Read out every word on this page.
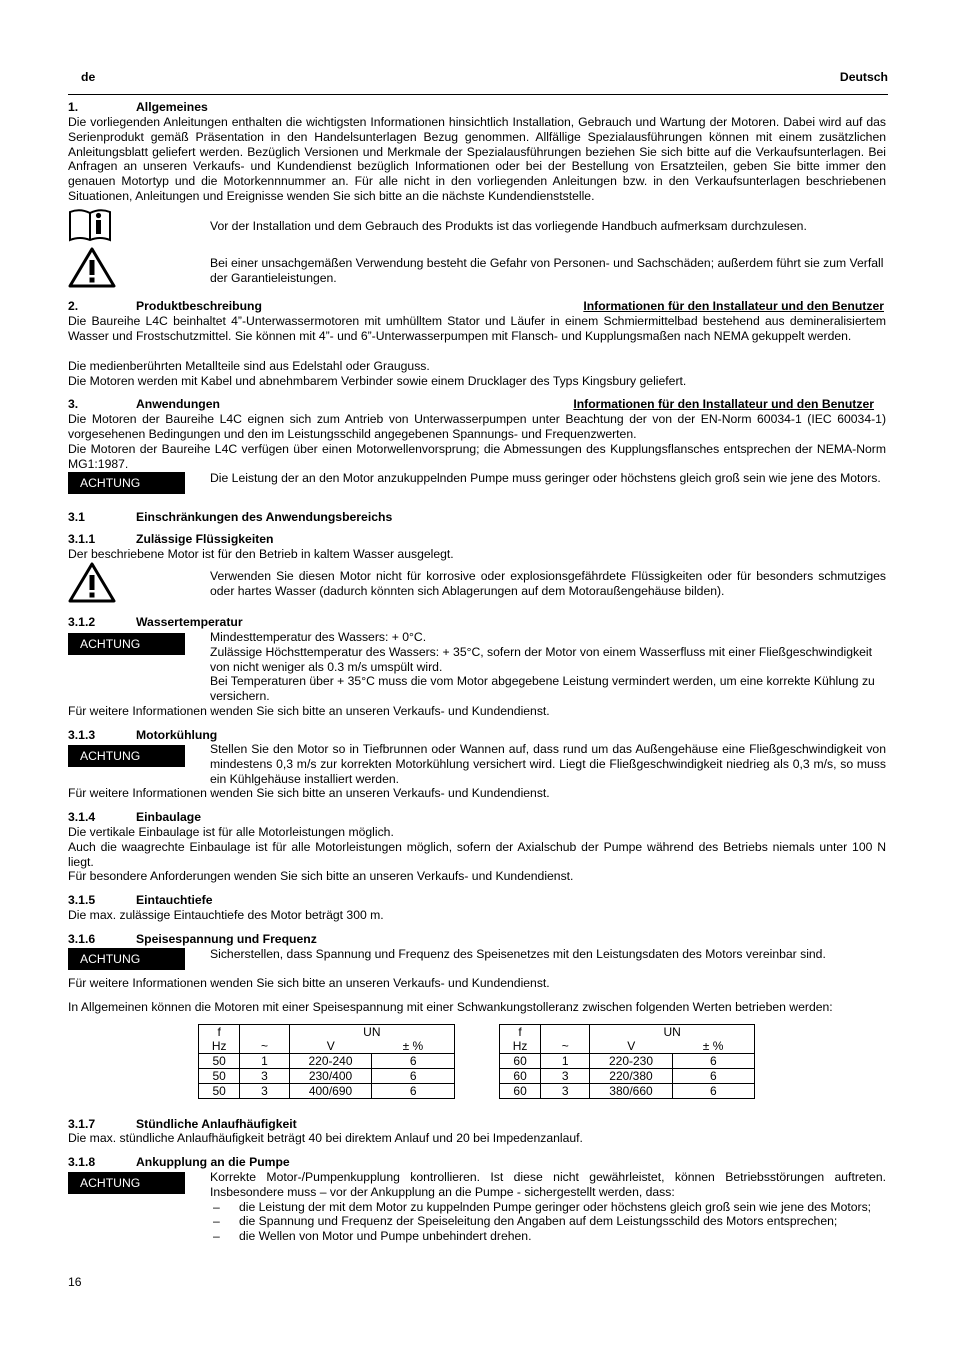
de	Deutsch
1.	Allgemeines
Die vorliegenden Anleitungen enthalten die wichtigsten Informationen hinsichtlich Installation, Gebrauch und Wartung der Motoren. Dabei wird auf das Serienprodukt gemäß Präsentation in den Handelsunterlagen Bezug genommen. Allfällige Spezialausführungen können mit einem zusätzlichen Anleitungsblatt geliefert werden. Bezüglich Versionen und Merkmale der Spezialausführungen beziehen Sie sich bitte auf die Verkaufsunterlagen. Bei Anfragen an unseren Verkaufs- und Kundendienst bezüglich Informationen oder bei der Bestellung von Ersatzteilen, geben Sie bitte immer den genauen Motortyp und die Motorkennnummer an. Für alle nicht in den vorliegenden Anleitungen bzw. in den Verkaufsunterlagen beschriebenen Situationen, Anleitungen und Ereignisse wenden Sie sich bitte an die nächste Kundendienststelle.
Vor der Installation und dem Gebrauch des Produkts ist das vorliegende Handbuch aufmerksam durchzulesen.
Bei einer unsachgemäßen Verwendung besteht die Gefahr von Personen- und Sachschäden; außerdem führt sie zum Verfall der Garantieleistungen.
2.	Produktbeschreibung	Informationen für den Installateur und den Benutzer
Die Baureihe L4C beinhaltet 4”-Unterwassermotoren mit umhülltem Stator und Läufer in einem Schmiermittelbad bestehend aus demineralisiertem Wasser und Frostschutzmittel. Sie können mit 4”- und 6”-Unterwasserpumpen mit Flansch- und Kupplungsmaßen nach NEMA gekuppelt werden.
Die medienberührten Metallteile sind aus Edelstahl oder Grauguss.
Die Motoren werden mit Kabel und abnehmbarem Verbinder sowie einem Drucklager des Typs Kingsbury geliefert.
3.	Anwendungen	Informationen für den Installateur und den Benutzer
Die Motoren der Baureihe L4C eignen sich zum Antrieb von Unterwasserpumpen unter Beachtung der von der EN-Norm 60034-1 (IEC 60034-1) vorgesehenen Bedingungen und den im Leistungsschild angegebenen Spannungs- und Frequenzwerten.
Die Motoren der Baureihe L4C verfügen über einen Motorwellenvorsprung; die Abmessungen des Kupplungsflansches entsprechen der NEMA-Norm MG1:1987.
ACHTUNG	Die Leistung der an den Motor anzukuppelnden Pumpe muss geringer oder höchstens gleich groß sein wie jene des Motors.
3.1	Einschränkungen des Anwendungsbereichs
3.1.1	Zulässige Flüssigkeiten
Der beschriebene Motor ist für den Betrieb in kaltem Wasser ausgelegt.
Verwenden Sie diesen Motor nicht für korrosive oder explosionsgefährdete Flüssigkeiten oder für besonders schmutziges oder hartes Wasser (dadurch könnten sich Ablagerungen auf dem Motoraußengehäuse bilden).
3.1.2	Wassertemperatur
ACHTUNG	Mindesttemperatur des Wassers: + 0°C.
Zulässige Höchsttemperatur des Wassers: + 35°C, sofern der Motor von einem Wasserfluss mit einer Fließgeschwindigkeit von nicht weniger als 0.3 m/s umspült wird.
Bei Temperaturen über + 35°C muss die vom Motor abgegebene Leistung vermindert werden, um eine korrekte Kühlung zu versichern.
Für weitere Informationen wenden Sie sich bitte an unseren Verkaufs- und Kundendienst.
3.1.3	Motorkühlung
ACHTUNG	Stellen Sie den Motor so in Tiefbrunnen oder Wannen auf, dass rund um das Außengehäuse eine Fließgeschwindigkeit von mindestens 0,3 m/s zur korrekten Motorkühlung versichert wird. Liegt die Fließgeschwindigkeit niedrieg als 0,3 m/s, so muss ein Kühlgehäuse installiert werden.
Für weitere Informationen wenden Sie sich bitte an unseren Verkaufs- und Kundendienst.
3.1.4	Einbaulage
Die vertikale Einbaulage ist für alle Motorleistungen möglich.
Auch die waagrechte Einbaulage ist für alle Motorleistungen möglich, sofern der Axialschub der Pumpe während des Betriebs niemals unter 100 N liegt.
Für besondere Anforderungen wenden Sie sich bitte an unseren Verkaufs- und Kundendienst.
3.1.5	Eintauchtiefe
Die max. zulässige Eintauchtiefe des Motor beträgt 300 m.
3.1.6	Speisespannung und Frequenz
ACHTUNG	Sicherstellen, dass Spannung und Frequenz des Speisenetzes mit den Leistungsdaten des Motors vereinbar sind.
Für weitere Informationen wenden Sie sich bitte an unseren Verkaufs- und Kundendienst.
In Allgemeinen können die Motoren mit einer Speisespannung mit einer Schwankungstolleranz zwischen folgenden Werten betrieben werden:
f		UN	
Hz	~	V	± %
50	1	220-240	6
50	3	230/400	6
50	3	400/690	6
f		UN	
Hz	~	V	± %
60	1	220-230	6
60	3	220/380	6
60	3	380/660	6
3.1.7	Stündliche Anlaufhäufigkeit
Die max. stündliche Anlaufhäufigkeit beträgt 40 bei direktem Anlauf und 20 bei Impedenzanlauf.
3.1.8	Ankupplung an die Pumpe
ACHTUNG	Korrekte Motor-/Pumpenkupplung kontrollieren. Ist diese nicht gewährleistet, können Betriebsstörungen auftreten. Insbesondere muss – vor der Ankupplung an die Pumpe - sichergestellt werden, dass:
– die Leistung der mit dem Motor zu kuppelnden Pumpe geringer oder höchstens gleich groß sein wie jene des Motors;
– die Spannung und Frequenz der Speiseleitung den Angaben auf dem Leistungsschild des Motors entsprechen;
– die Wellen von Motor und Pumpe unbehindert drehen.
16
